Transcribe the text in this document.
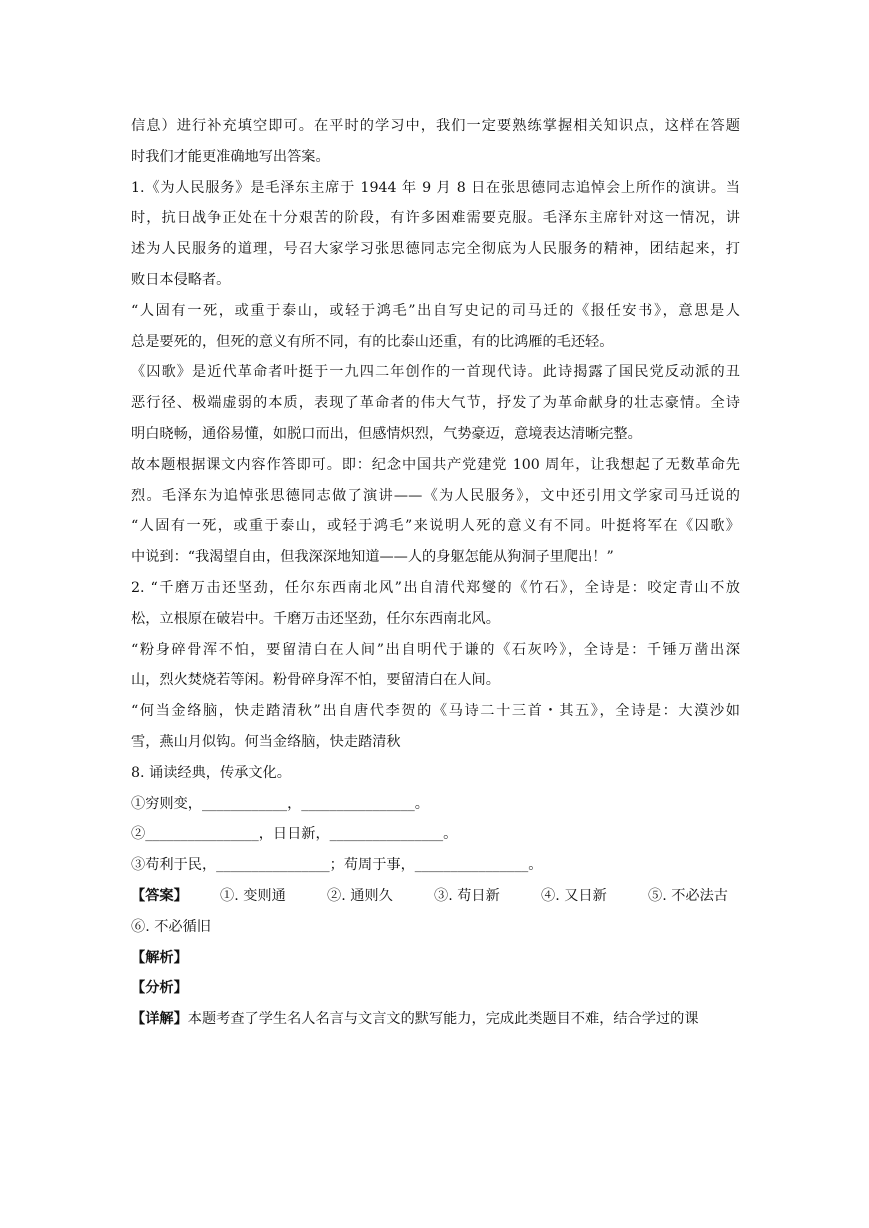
信息）进行补充填空即可。在平时的学习中，我们一定要熟练掌握相关知识点，这样在答题
时我们才能更准确地写出答案。
1.《为人民服务》是毛泽东主席于 1944 年 9 月 8 日在张思德同志追悼会上所作的演讲。当
时，抗日战争正处在十分艰苦的阶段，有许多困难需要克服。毛泽东主席针对这一情况，讲
述为人民服务的道理，号召大家学习张思德同志完全彻底为人民服务的精神，团结起来，打
败日本侵略者。
“人固有一死，或重于泰山，或轻于鸿毛”出自写史记的司马迁的《报任安书》，意思是人
总是要死的，但死的意义有所不同，有的比泰山还重，有的比鸿雁的毛还轻。
《囚歌》是近代革命者叶挺于一九四二年创作的一首现代诗。此诗揭露了国民党反动派的丑
恶行径、极端虚弱的本质，表现了革命者的伟大气节，抒发了为革命献身的壮志豪情。全诗
明白晓畅，通俗易懂，如脱口而出，但感情炽烈，气势豪迈，意境表达清晰完整。
故本题根据课文内容作答即可。即：纪念中国共产党建党 100 周年，让我想起了无数革命先
烈。毛泽东为追悼张思德同志做了演讲——《为人民服务》，文中还引用文学家司马迁说的
“人固有一死，或重于泰山，或轻于鸿毛”来说明人死的意义有不同。叶挺将军在《囚歌》
中说到：“我渴望自由，但我深深地知道——人的身躯怎能从狗洞子里爬出！”
2. “千磨万击还坚劲，任尔东西南北风”出自清代郑燮的《竹石》，全诗是：咬定青山不放
松，立根原在破岩中。千磨万击还坚劲，任尔东西南北风。
“粉身碎骨浑不怕，要留清白在人间”出自明代于谦的《石灰吟》，全诗是：千锤万凿出深
山，烈火焚烧若等闲。粉骨碎身浑不怕，要留清白在人间。
“何当金络脑，快走踏清秋”出自唐代李贺的《马诗二十三首・其五》，全诗是：大漠沙如
雪，燕山月似钩。何当金络脑，快走踏清秋
8. 诵读经典，传承文化。
①穷则变，____________，________________。
②________________，日日新，________________。
③苟利于民，________________；苟周于事，________________。
【答案】	①. 变则通	②. 通则久	③. 苟日新	④. 又日新	⑤. 不必法古
⑥. 不必循旧
【解析】
【分析】
【详解】本题考查了学生名人名言与文言文的默写能力，完成此类题目不难，结合学过的课
